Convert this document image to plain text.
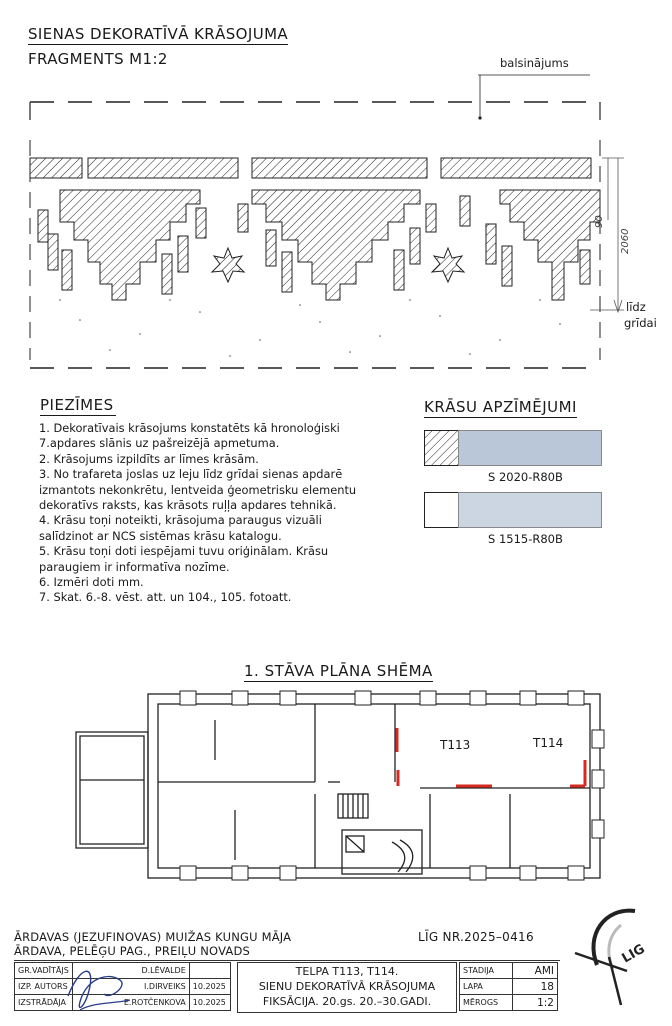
SIENAS DEKORATĪVĀ KRĀSOJUMA
FRAGMENTS M1:2	balsinājums
90
2060
līdz
grīdai
PIEZĪMES
1. Dekoratīvais krāsojums konstatēts kā hronoloģiski
7.apdares slānis uz pašreizējā apmetuma.
2. Krāsojums izpildīts ar līmes krāsām.
3. No trafareta joslas uz leju līdz grīdai sienas apdarē
izmantots nekonkrētu, lentveida ģeometrisku elementu
dekoratīvs raksts, kas krāsots ruļļa apdares tehnikā.
4. Krāsu toņi noteikti, krāsojuma paraugus vizuāli
salīdzinot ar NCS sistēmas krāsu katalogu.
5. Krāsu toņi doti iespējami tuvu oriģinālam. Krāsu
paraugiem ir informatīva nozīme.
6. Izmēri doti mm.
7. Skat. 6.-8. vēst. att. un 104., 105. fotoatt.
KRĀSU APZĪMĒJUMI
S 2020-R80B
S 1515-R80B
1. STĀVA PLĀNA SHĒMA
T113	T114
ĀRDAVAS (JEZUFINOVAS) MUIŽAS KUNGU MĀJA
ĀRDAVA, PELĒĢU PAG., PREIĻU NOVADS
LĪG NR.2025–0416
GR.VADĪTĀJS	D.LĒVALDE	
IZP. AUTORS	I.DIRVEIKS	10.2025
IZSTRĀDĀJA	E.ROTČENKOVA	10.2025
TELPA T113, T114.
SIENU DEKORATĪVĀ KRĀSOJUMA
FIKSĀCIJA. 20.gs. 20.–30.GADI.
STADIJA	AMI
LAPA	18
MĒROGS	1:2
LIG
